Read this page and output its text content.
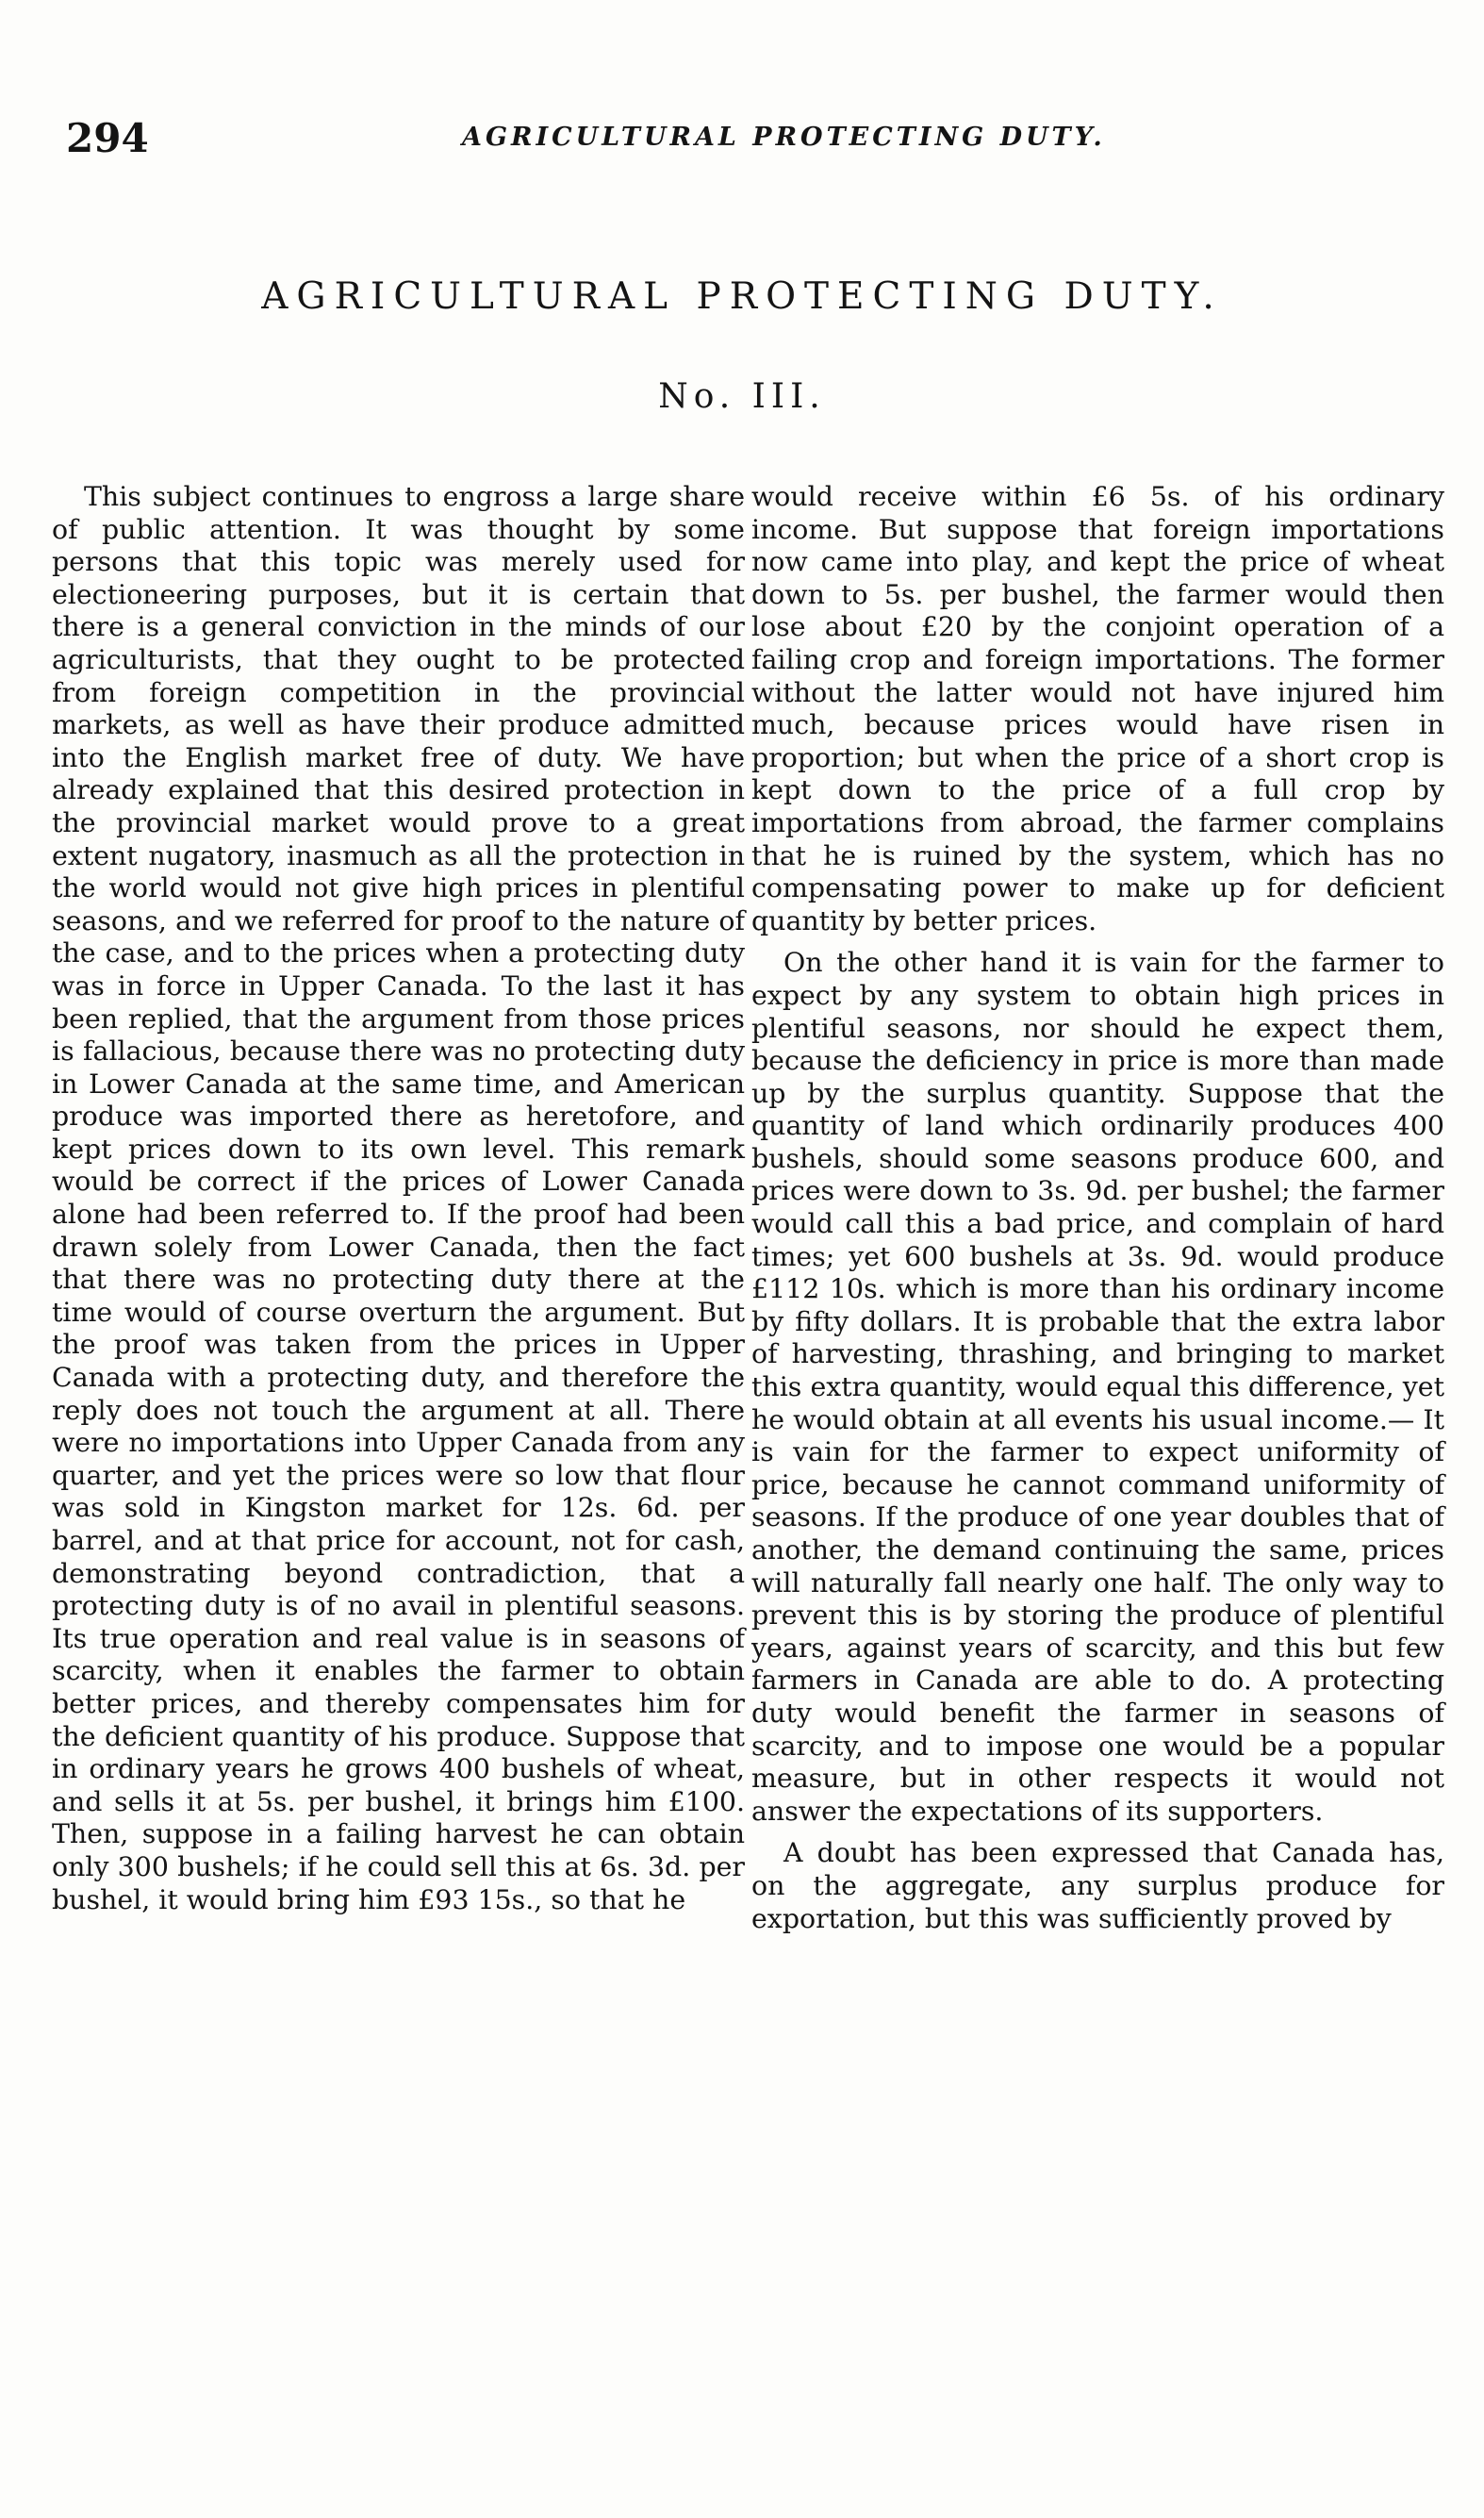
294	AGRICULTURAL PROTECTING DUTY.
AGRICULTURAL PROTECTING DUTY.
No. III.

This subject continues to engross a large share of public attention. It was thought by some persons that this topic was merely used for electioneering purposes, but it is certain that there is a general conviction in the minds of our agriculturists, that they ought to be protected from foreign competition in the provincial markets, as well as have their produce admitted into the English market free of duty. We have already explained that this desired protection in the provincial market would prove to a great extent nugatory, inasmuch as all the protection in the world would not give high prices in plentiful seasons, and we referred for proof to the nature of the case, and to the prices when a protecting duty was in force in Upper Canada. To the last it has been replied, that the argument from those prices is fallacious, because there was no protecting duty in Lower Canada at the same time, and American produce was imported there as heretofore, and kept prices down to its own level. This remark would be correct if the prices of Lower Canada alone had been referred to. If the proof had been drawn solely from Lower Canada, then the fact that there was no protecting duty there at the time would of course overturn the argument. But the proof was taken from the prices in Upper Canada with a protecting duty, and therefore the reply does not touch the argument at all. There were no importations into Upper Canada from any quarter, and yet the prices were so low that flour was sold in Kingston market for 12s. 6d. per barrel, and at that price for account, not for cash, demonstrating beyond contradiction, that a protecting duty is of no avail in plentiful seasons. Its true operation and real value is in seasons of scarcity, when it enables the farmer to obtain better prices, and thereby compensates him for the deficient quantity of his produce. Suppose that in ordinary years he grows 400 bushels of wheat, and sells it at 5s. per bushel, it brings him £100. Then, suppose in a failing harvest he can obtain only 300 bushels; if he could sell this at 6s. 3d. per bushel, it would bring him £93 15s., so that he

would receive within £6 5s. of his ordinary income. But suppose that foreign importations now came into play, and kept the price of wheat down to 5s. per bushel, the farmer would then lose about £20 by the conjoint operation of a failing crop and foreign importations. The former without the latter would not have injured him much, because prices would have risen in proportion; but when the price of a short crop is kept down to the price of a full crop by importations from abroad, the farmer complains that he is ruined by the system, which has no compensating power to make up for deficient quantity by better prices.

On the other hand it is vain for the farmer to expect by any system to obtain high prices in plentiful seasons, nor should he expect them, because the deficiency in price is more than made up by the surplus quantity. Suppose that the quantity of land which ordinarily produces 400 bushels, should some seasons produce 600, and prices were down to 3s. 9d. per bushel; the farmer would call this a bad price, and complain of hard times; yet 600 bushels at 3s. 9d. would produce £112 10s. which is more than his ordinary income by fifty dollars. It is probable that the extra labor of harvesting, thrashing, and bringing to market this extra quantity, would equal this difference, yet he would obtain at all events his usual income.— It is vain for the farmer to expect uniformity of price, because he cannot command uniformity of seasons. If the produce of one year doubles that of another, the demand continuing the same, prices will naturally fall nearly one half. The only way to prevent this is by storing the produce of plentiful years, against years of scarcity, and this but few farmers in Canada are able to do. A protecting duty would benefit the farmer in seasons of scarcity, and to impose one would be a popular measure, but in other respects it would not answer the expectations of its supporters.

A doubt has been expressed that Canada has, on the aggregate, any surplus produce for exportation, but this was sufficiently proved by
